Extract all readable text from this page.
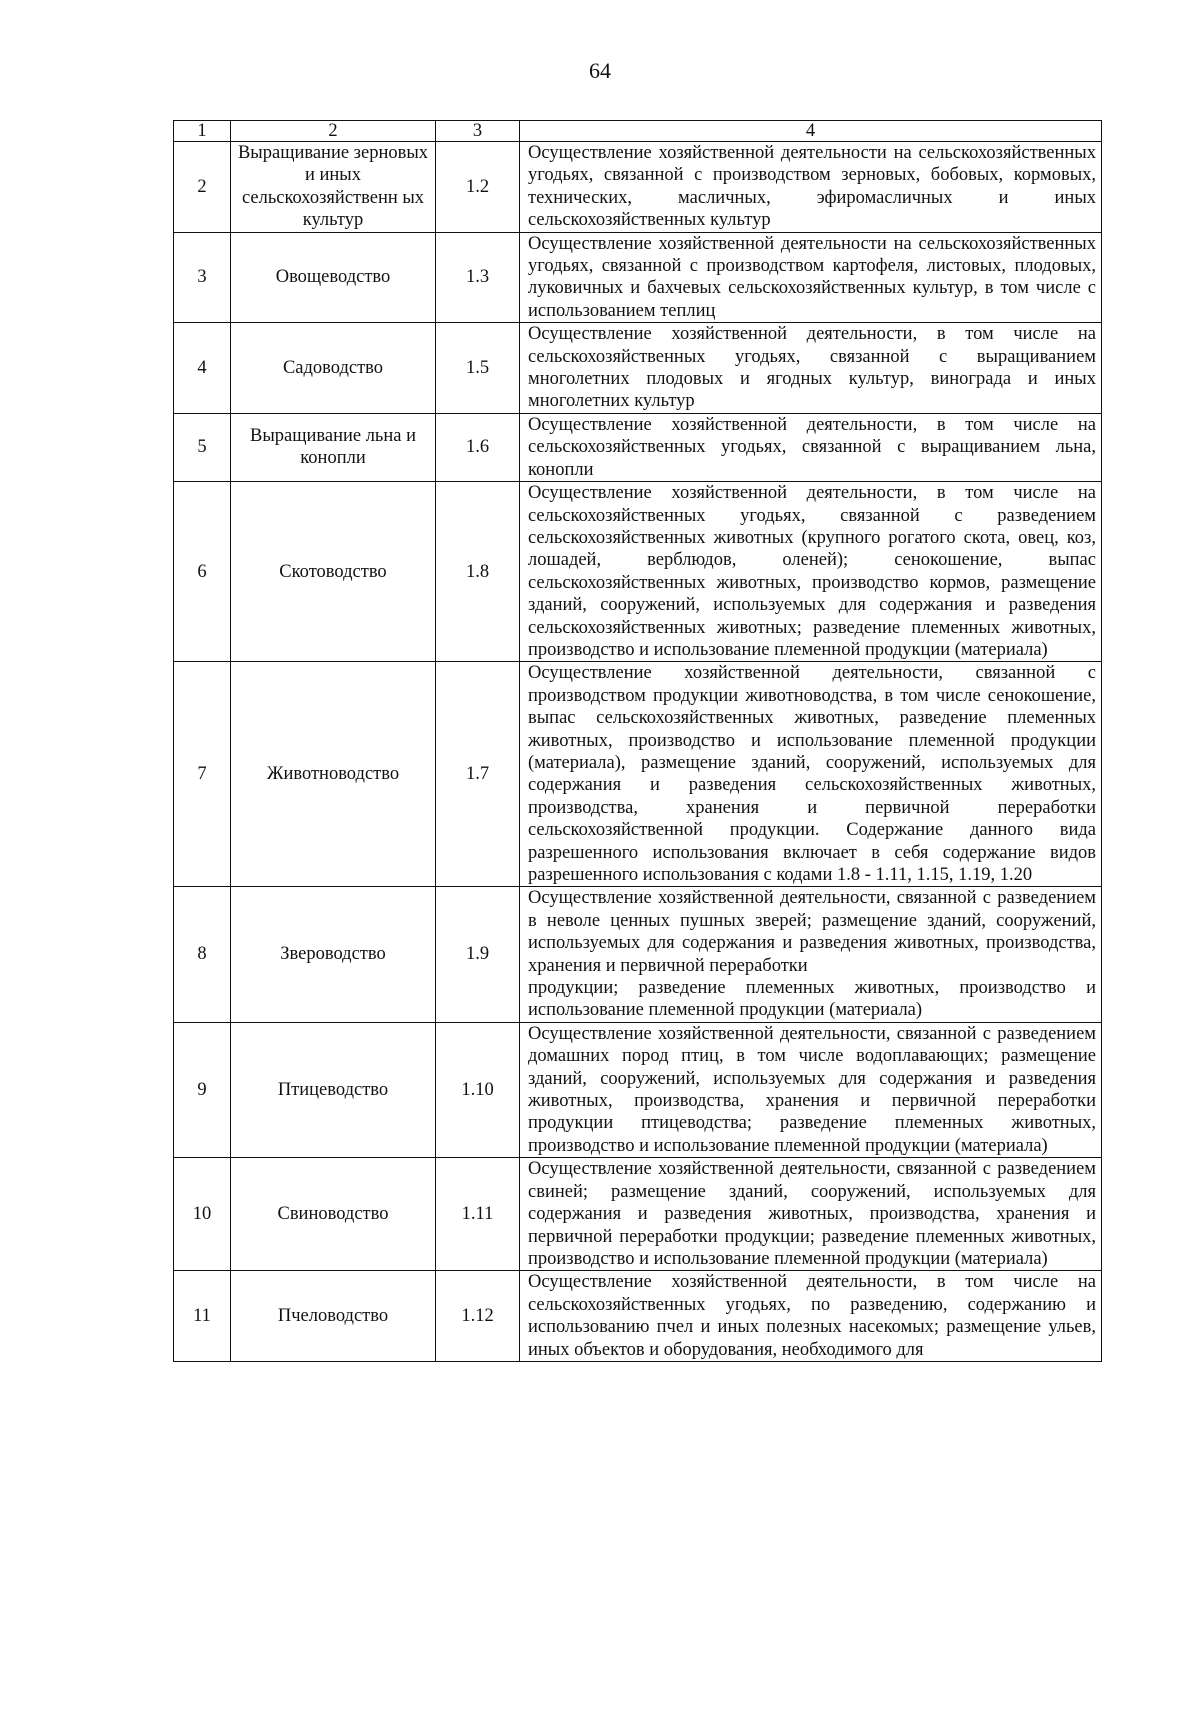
64
1	2	3	4
2	Выращивание зерновых и иных сельскохозяйственн ых культур	1.2	Осуществление хозяйственной деятельности на сельскохозяйственных угодьях, связанной с производством зерновых, бобовых, кормовых, технических, масличных, эфиромасличных и иных сельскохозяйственных культур
3	Овощеводство	1.3	Осуществление хозяйственной деятельности на сельскохозяйственных угодьях, связанной с производством картофеля, листовых, плодовых, луковичных и бахчевых сельскохозяйственных культур, в том числе с использованием теплиц
4	Садоводство	1.5	Осуществление хозяйственной деятельности, в том числе на сельскохозяйственных угодьях, связанной с выращиванием многолетних плодовых и ягодных культур, винограда и иных многолетних культур
5	Выращивание льна и конопли	1.6	Осуществление хозяйственной деятельности, в том числе на сельскохозяйственных угодьях, связанной с выращиванием льна, конопли
6	Скотоводство	1.8	Осуществление хозяйственной деятельности, в том числе на сельскохозяйственных угодьях, связанной с разведением сельскохозяйственных животных (крупного рогатого скота, овец, коз, лошадей, верблюдов, оленей); сенокошение, выпас сельскохозяйственных животных, производство кормов, размещение зданий, сооружений, используемых для содержания и разведения сельскохозяйственных животных; разведение племенных животных, производство и использование племенной продукции (материала)
7	Животноводство	1.7	Осуществление хозяйственной деятельности, связанной с производством продукции животноводства, в том числе сенокошение, выпас сельскохозяйственных животных, разведение племенных животных, производство и использование племенной продукции (материала), размещение зданий, сооружений, используемых для содержания и разведения сельскохозяйственных животных, производства, хранения и первичной переработки сельскохозяйственной продукции. Содержание данного вида разрешенного использования включает в себя содержание видов разрешенного использования с кодами 1.8 - 1.11, 1.15, 1.19, 1.20
8	Звероводство	1.9	Осуществление хозяйственной деятельности, связанной с разведением в неволе ценных пушных зверей; размещение зданий, сооружений, используемых для содержания и разведения животных, производства, хранения и первичной переработки
продукции; разведение племенных животных, производство и использование племенной продукции (материала)

9	Птицеводство	1.10	Осуществление хозяйственной деятельности, связанной с разведением домашних пород птиц, в том числе водоплавающих; размещение зданий, сооружений, используемых для содержания и разведения животных, производства, хранения и первичной переработки продукции птицеводства; разведение племенных животных, производство и использование племенной продукции (материала)
10	Свиноводство	1.11	Осуществление хозяйственной деятельности, связанной с разведением свиней; размещение зданий, сооружений, используемых для содержания и разведения животных, производства, хранения и первичной переработки продукции; разведение племенных животных, производство и использование племенной продукции (материала)
11	Пчеловодство	1.12	Осуществление хозяйственной деятельности, в том числе на сельскохозяйственных угодьях, по разведению, содержанию и использованию пчел и иных полезных насекомых; размещение ульев, иных объектов и оборудования, необходимого для
